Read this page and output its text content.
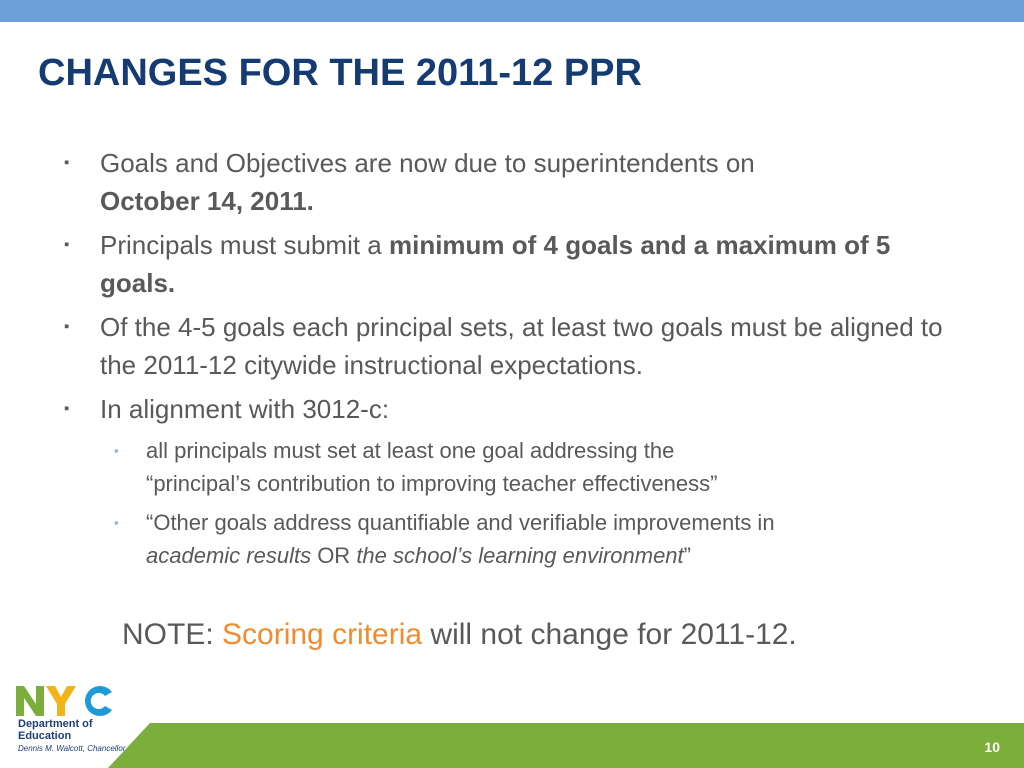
CHANGES FOR THE 2011-12 PPR
▪ Goals and Objectives are now due to superintendents on
October 14, 2011.
▪ Principals must submit a minimum of 4 goals and a maximum of 5 goals.
▪ Of the 4-5 goals each principal sets, at least two goals must be aligned to the 2011-12 citywide instructional expectations.
▪ In alignment with 3012-c:
▪ all principals must set at least one goal addressing the
“principal’s contribution to improving teacher effectiveness”
▪ “Other goals address quantifiable and verifiable improvements in
academic results OR the school’s learning environment”
NOTE: Scoring criteria will not change for 2011-12.
10
Department of
Education
Dennis M. Walcott, Chancellor
